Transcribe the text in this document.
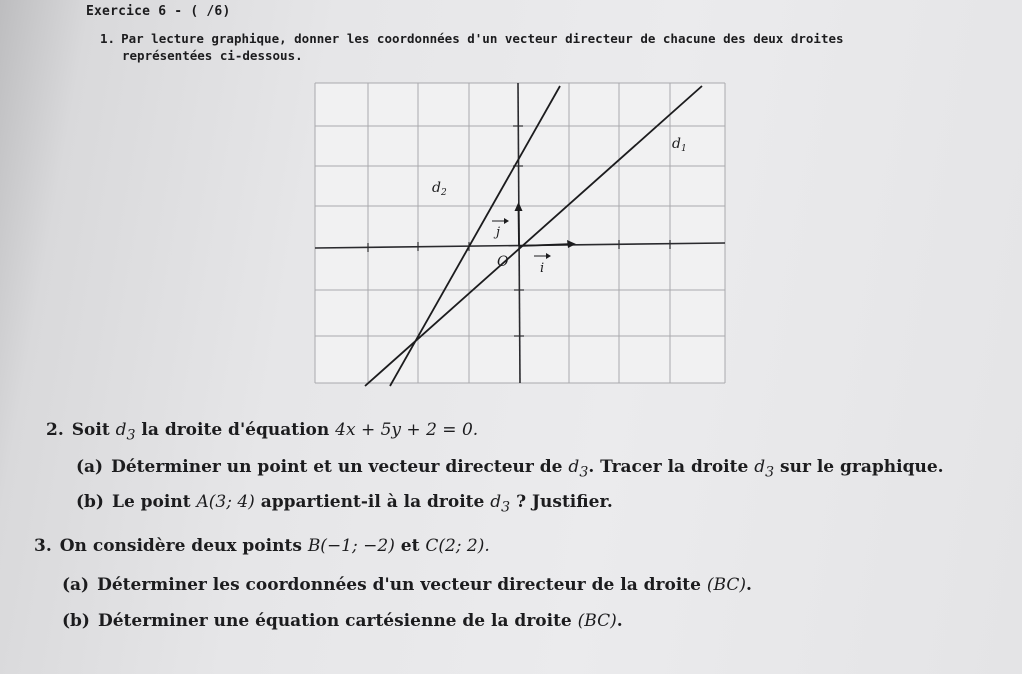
Exercice 6 - ( /6)
1. Par lecture graphique, donner les coordonnées d'un vecteur directeur de chacune des deux droites
représentées ci-dessous.
$d_1$
$d_2$
j
i
O
2. Soit $d_3$ la droite d'équation 4x + 5y + 2 = 0.
(a) Déterminer un point et un vecteur directeur de $d_3$. Tracer la droite $d_3$ sur le graphique.
(b) Le point A(3; 4) appartient-il à la droite $d_3$ ? Justifier.
3. On considère deux points B(−1; −2) et C(2; 2).
(a) Déterminer les coordonnées d'un vecteur directeur de la droite (BC).
(b) Déterminer une équation cartésienne de la droite (BC).
